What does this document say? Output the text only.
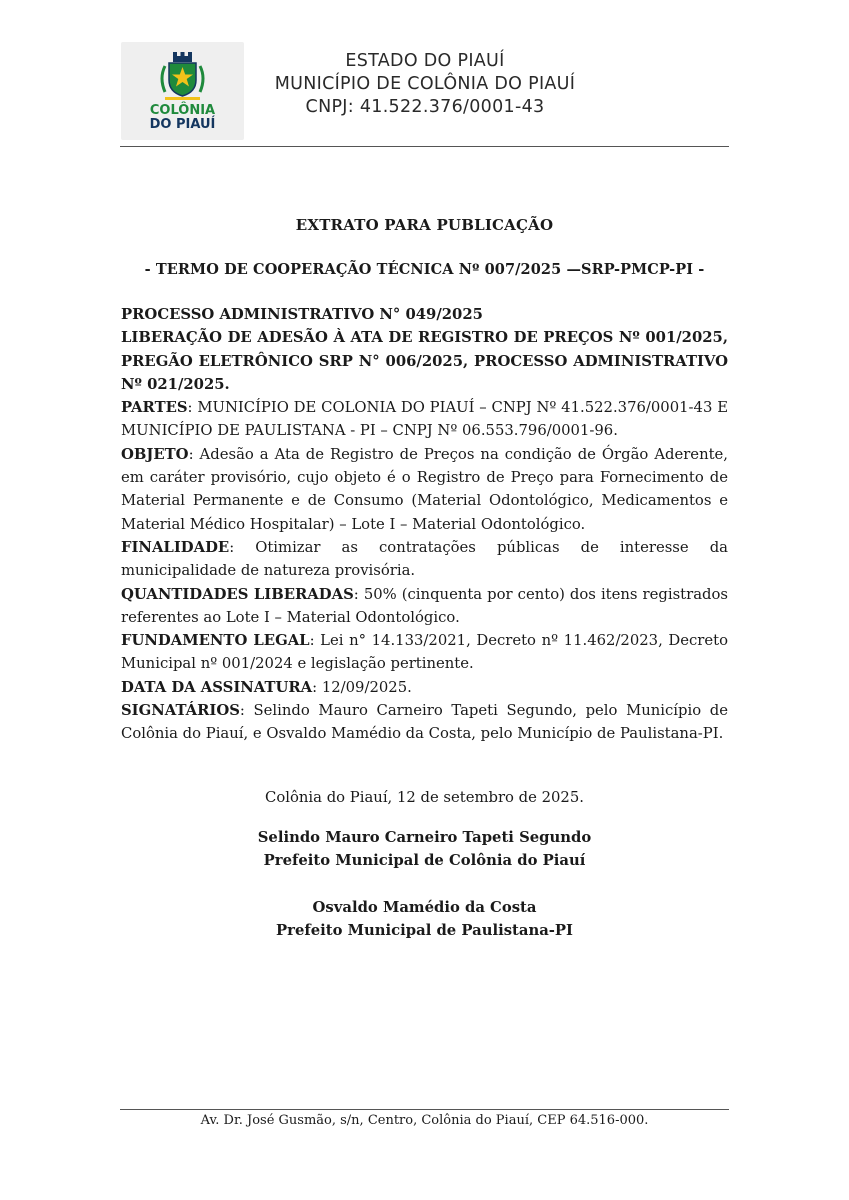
COLÔNIA
DO PIAUÍ
ESTADO DO PIAUÍ
MUNICÍPIO DE COLÔNIA DO PIAUÍ
CNPJ: 41.522.376/0001-43
EXTRATO PARA PUBLICAÇÃO
- TERMO DE COOPERAÇÃO TÉCNICA Nº 007/2025 —SRP-PMCP-PI -

PROCESSO ADMINISTRATIVO N° 049/2025

LIBERAÇÃO DE ADESÃO À ATA DE REGISTRO DE PREÇOS Nº 001/2025, PREGÃO ELETRÔNICO SRP N° 006/2025, PROCESSO ADMINISTRATIVO Nº 021/2025.

PARTES: MUNICÍPIO DE COLONIA DO PIAUÍ – CNPJ Nº 41.522.376/0001-43 E MUNICÍPIO DE PAULISTANA - PI – CNPJ Nº 06.553.796/0001-96.

OBJETO: Adesão a Ata de Registro de Preços na condição de Órgão Aderente, em caráter provisório, cujo objeto é o Registro de Preço para Fornecimento de Material Permanente e de Consumo (Material Odontológico, Medicamentos e Material Médico Hospitalar) – Lote I – Material Odontológico.

FINALIDADE: Otimizar as contratações públicas de interesse da municipalidade de natureza provisória.

QUANTIDADES LIBERADAS: 50% (cinquenta por cento) dos itens registrados referentes ao Lote I – Material Odontológico.

FUNDAMENTO LEGAL: Lei n° 14.133/2021, Decreto nº 11.462/2023, Decreto Municipal nº 001/2024 e legislação pertinente.

DATA DA ASSINATURA: 12/09/2025.

SIGNATÁRIOS: Selindo Mauro Carneiro Tapeti Segundo, pelo Município de Colônia do Piauí, e Osvaldo Mamédio da Costa, pelo Município de Paulistana-PI.

Colônia do Piauí, 12 de setembro de 2025.
Selindo Mauro Carneiro Tapeti Segundo
Prefeito Municipal de Colônia do Piauí
Osvaldo Mamédio da Costa
Prefeito Municipal de Paulistana-PI
Av. Dr. José Gusmão, s/n, Centro, Colônia do Piauí, CEP 64.516-000.
